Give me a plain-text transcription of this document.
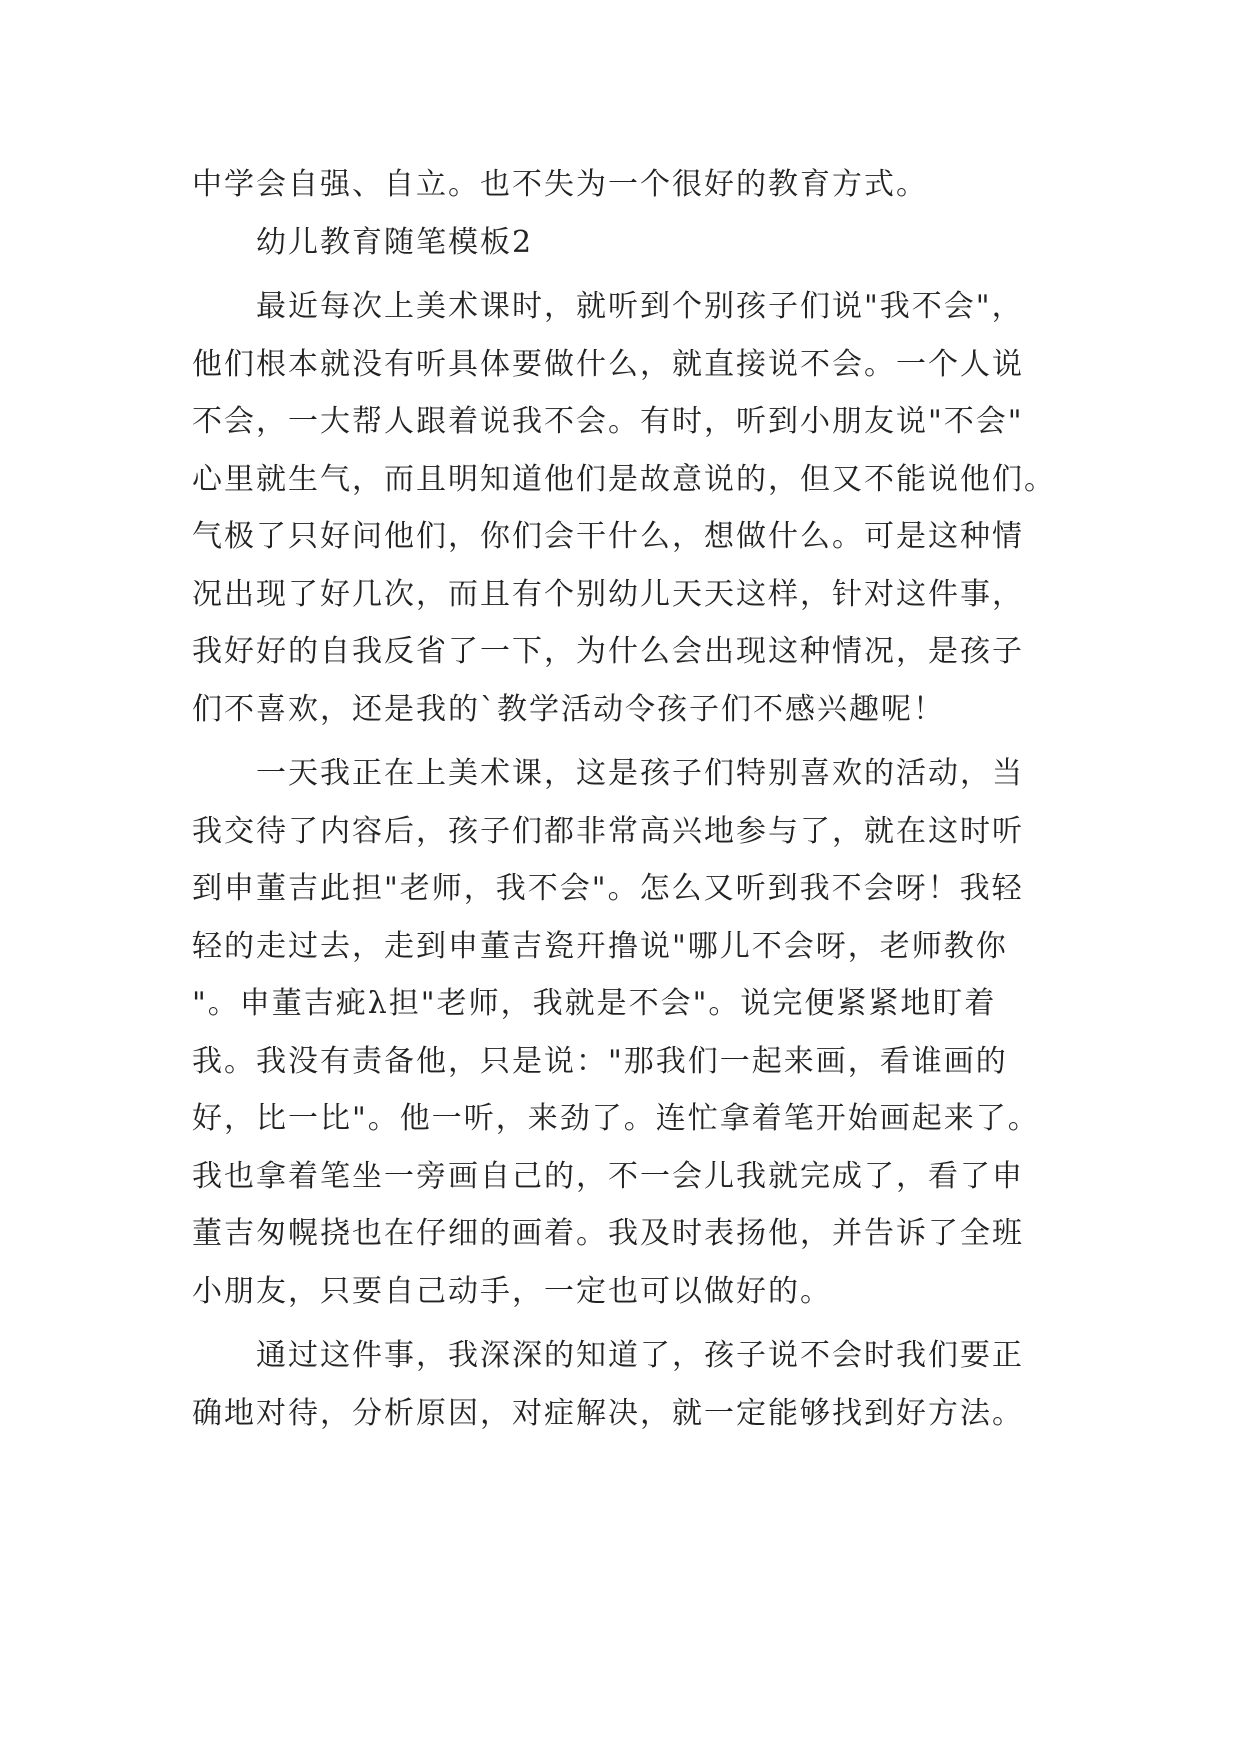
中学会自强、自立。也不失为一个很好的教育方式。
幼儿教育随笔模板2
最近每次上美术课时，就听到个别孩子们说"我不会"，
他们根本就没有听具体要做什么，就直接说不会。一个人说
不会，一大帮人跟着说我不会。有时，听到小朋友说"不会"
心里就生气，而且明知道他们是故意说的，但又不能说他们。
气极了只好问他们，你们会干什么，想做什么。可是这种情
况出现了好几次，而且有个别幼儿天天这样，针对这件事，
我好好的自我反省了一下，为什么会出现这种情况，是孩子
们不喜欢，还是我的`教学活动令孩子们不感兴趣呢！
一天我正在上美术课，这是孩子们特别喜欢的活动，当
我交待了内容后，孩子们都非常高兴地参与了，就在这时听
到申董吉此担"老师，我不会"。怎么又听到我不会呀！我轻
轻的走过去，走到申董吉瓷幵撸说"哪儿不会呀，老师教你
"。申董吉疵λ担"老师，我就是不会"。说完便紧紧地盯着
我。我没有责备他，只是说："那我们一起来画，看谁画的
好，比一比"。他一听，来劲了。连忙拿着笔开始画起来了。
我也拿着笔坐一旁画自己的，不一会儿我就完成了，看了申
董吉匆幌挠也在仔细的画着。我及时表扬他，并告诉了全班
小朋友，只要自己动手，一定也可以做好的。
通过这件事，我深深的知道了，孩子说不会时我们要正
确地对待，分析原因，对症解决，就一定能够找到好方法。
